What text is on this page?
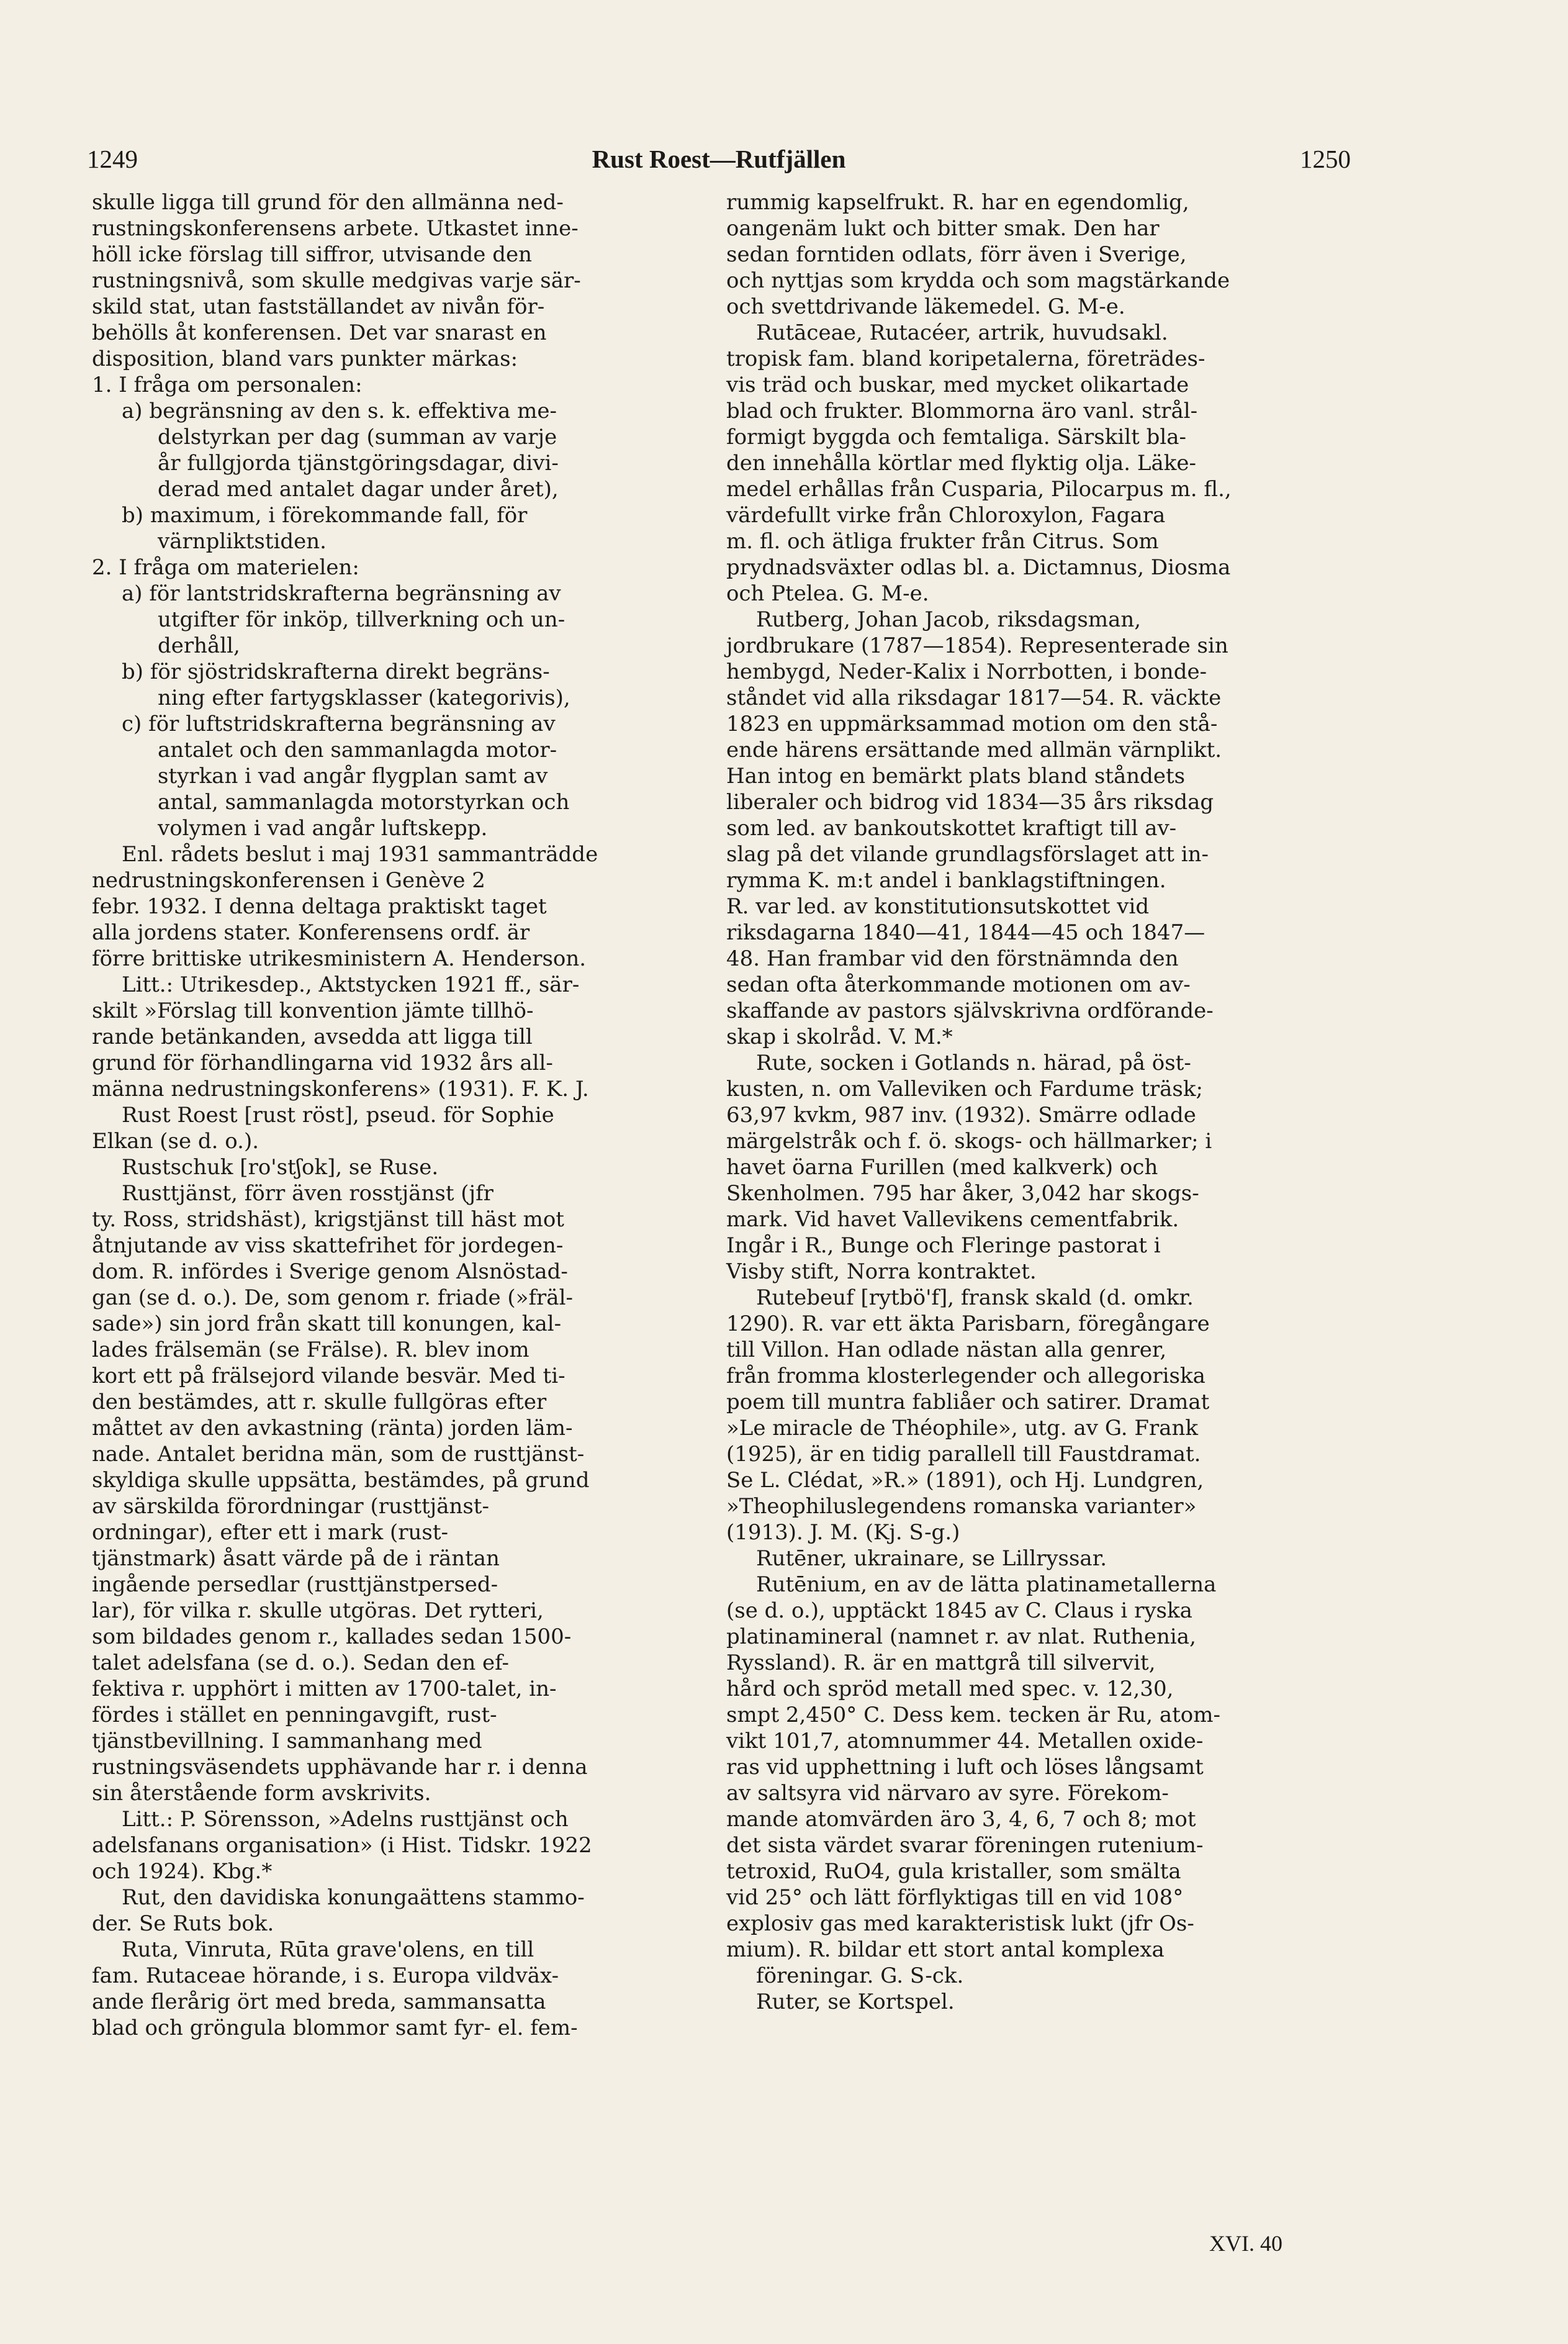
1249	Rust Roest—Rutfjällen	1250
skulle ligga till grund för den allmänna ned-
rustningskonferensens arbete. Utkastet inne-
höll icke förslag till siffror, utvisande den
rustningsnivå, som skulle medgivas varje sär-
skild stat, utan fastställandet av nivån för-
behölls åt konferensen. Det var snarast en
disposition, bland vars punkter märkas:
1. I fråga om personalen:
a) begränsning av den s. k. effektiva me-
delstyrkan per dag (summan av varje
år fullgjorda tjänstgöringsdagar, divi-
derad med antalet dagar under året),
b) maximum, i förekommande fall, för
värnpliktstiden.
2. I fråga om materielen:
a) för lantstridskrafterna begränsning av
utgifter för inköp, tillverkning och un-
derhåll,
b) för sjöstridskrafterna direkt begräns-
ning efter fartygsklasser (kategorivis),
c) för luftstridskrafterna begränsning av
antalet och den sammanlagda motor-
styrkan i vad angår flygplan samt av
antal, sammanlagda motorstyrkan och
volymen i vad angår luftskepp.
Enl. rådets beslut i maj 1931 sammanträdde
nedrustningskonferensen i Genève 2
febr. 1932. I denna deltaga praktiskt taget
alla jordens stater. Konferensens ordf. är
förre brittiske utrikesministern A. Henderson.
Litt.: Utrikesdep., Aktstycken 1921 ff., sär-
skilt »Förslag till konvention jämte tillhö-
rande betänkanden, avsedda att ligga till
grund för förhandlingarna vid 1932 års all-
männa nedrustningskonferens» (1931). F. K. J.
Rust Roest [rust röst], pseud. för Sophie
Elkan (se d. o.).
Rustschuk [ro'stʃok], se Ruse.
Rusttjänst, förr även rosstjänst (jfr
ty. Ross, stridshäst), krigstjänst till häst mot
åtnjutande av viss skattefrihet för jordegen-
dom. R. infördes i Sverige genom Alsnöstad-
gan (se d. o.). De, som genom r. friade (»fräl-
sade») sin jord från skatt till konungen, kal-
lades frälsemän (se Frälse). R. blev inom
kort ett på frälsejord vilande besvär. Med ti-
den bestämdes, att r. skulle fullgöras efter
måttet av den avkastning (ränta) jorden läm-
nade. Antalet beridna män, som de rusttjänst-
skyldiga skulle uppsätta, bestämdes, på grund
av särskilda förordningar (rusttjänst-
ordningar), efter ett i mark (rust-
tjänstmark) åsatt värde på de i räntan
ingående persedlar (rusttjänstpersed-
lar), för vilka r. skulle utgöras. Det rytteri,
som bildades genom r., kallades sedan 1500-
talet adelsfana (se d. o.). Sedan den ef-
fektiva r. upphört i mitten av 1700-talet, in-
fördes i stället en penningavgift, rust-
tjänstbevillning. I sammanhang med
rustningsväsendets upphävande har r. i denna
sin återstående form avskrivits.
Litt.: P. Sörensson, »Adelns rusttjänst och
adelsfanans organisation» (i Hist. Tidskr. 1922
och 1924). Kbg.*
Rut, den davidiska konungaättens stammo-
der. Se Ruts bok.
Ruta, Vinruta, Rūta grave'olens, en till
fam. Rutaceae hörande, i s. Europa vildväx-
ande flerårig ört med breda, sammansatta
blad och gröngula blommor samt fyr- el. fem-
rummig kapselfrukt. R. har en egendomlig,
oangenäm lukt och bitter smak. Den har
sedan forntiden odlats, förr även i Sverige,
och nyttjas som krydda och som magstärkande
och svettdrivande läkemedel. G. M-e.
Rutāceae, Rutacéer, artrik, huvudsakl.
tropisk fam. bland koripetalerna, företrädes-
vis träd och buskar, med mycket olikartade
blad och frukter. Blommorna äro vanl. strål-
formigt byggda och femtaliga. Särskilt bla-
den innehålla körtlar med flyktig olja. Läke-
medel erhållas från Cusparia, Pilocarpus m. fl.,
värdefullt virke från Chloroxylon, Fagara
m. fl. och ätliga frukter från Citrus. Som
prydnadsväxter odlas bl. a. Dictamnus, Diosma
och Ptelea. G. M-e.
Rutberg, Johan Jacob, riksdagsman,
jordbrukare (1787—1854). Representerade sin
hembygd, Neder-Kalix i Norrbotten, i bonde-
ståndet vid alla riksdagar 1817—54. R. väckte
1823 en uppmärksammad motion om den stå-
ende härens ersättande med allmän värnplikt.
Han intog en bemärkt plats bland ståndets
liberaler och bidrog vid 1834—35 års riksdag
som led. av bankoutskottet kraftigt till av-
slag på det vilande grundlagsförslaget att in-
rymma K. m:t andel i banklagstiftningen.
R. var led. av konstitutionsutskottet vid
riksdagarna 1840—41, 1844—45 och 1847—
48. Han frambar vid den förstnämnda den
sedan ofta återkommande motionen om av-
skaffande av pastors självskrivna ordförande-
skap i skolråd. V. M.*
Rute, socken i Gotlands n. härad, på öst-
kusten, n. om Valleviken och Fardume träsk;
63,97 kvkm, 987 inv. (1932). Smärre odlade
märgelstråk och f. ö. skogs- och hällmarker; i
havet öarna Furillen (med kalkverk) och
Skenholmen. 795 har åker, 3,042 har skogs-
mark. Vid havet Vallevikens cementfabrik.
Ingår i R., Bunge och Fleringe pastorat i
Visby stift, Norra kontraktet.
Rutebeuf [rytbö'f], fransk skald (d. omkr.
1290). R. var ett äkta Parisbarn, föregångare
till Villon. Han odlade nästan alla genrer,
från fromma klosterlegender och allegoriska
poem till muntra fabliåer och satirer. Dramat
»Le miracle de Théophile», utg. av G. Frank
(1925), är en tidig parallell till Faustdramat.
Se L. Clédat, »R.» (1891), och Hj. Lundgren,
»Theophiluslegendens romanska varianter»
(1913). J. M. (Kj. S-g.)
Rutēner, ukrainare, se Lillryssar.
Rutēnium, en av de lätta platinametallerna
(se d. o.), upptäckt 1845 av C. Claus i ryska
platinamineral (namnet r. av nlat. Ruthenia,
Ryssland). R. är en mattgrå till silvervit,
hård och spröd metall med spec. v. 12,30,
smpt 2,450° C. Dess kem. tecken är Ru, atom-
vikt 101,7, atomnummer 44. Metallen oxide-
ras vid upphettning i luft och löses långsamt
av saltsyra vid närvaro av syre. Förekom-
mande atomvärden äro 3, 4, 6, 7 och 8; mot
det sista värdet svarar föreningen rutenium-
tetroxid, RuO4, gula kristaller, som smälta
vid 25° och lätt förflyktigas till en vid 108°
explosiv gas med karakteristisk lukt (jfr Os-
mium). R. bildar ett stort antal komplexa
föreningar. G. S-ck.
Ruter, se Kortspel.
XVI. 40
